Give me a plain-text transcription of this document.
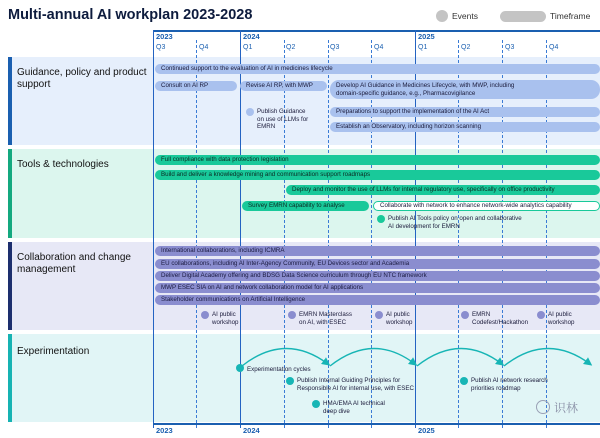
Multi-annual AI workplan 2023-2028	Events	Timeframe
2023	2024	2025
Q3	Q4	Q1	Q2	Q3	Q4	Q1	Q2	Q3	Q4
Guidance, policy and product support
Tools & technologies
Collaboration and change management
Experimentation
Continued support to the evaluation of AI in medicines lifecycle
Consult on AI RP	Revise AI RP, with MWP	Develop AI Guidance in Medicines Lifecycle, with MWP, including
domain-specific guidance, e.g., Pharmacovigilance
Preparations to support the implementation of the AI Act
Establish an Observatory, including horizon scanning
Publish Guidance
on use of LLMs for
EMRN
Full compliance with data protection legislation
Build and deliver a knowledge mining and communication support roadmaps
Deploy and monitor the use of LLMs for internal regulatory use, specifically on office productivity
Survey EMRN capability to analyse	Collaborate with network to enhance network-wide analytics capability
Publish AI Tools policy on open and collaborative
AI development for EMRN
International collaborations, including ICMRA
EU collaborations, including AI Inter-Agency Community, EU Devices sector and Academia
Deliver Digital Academy offering and BDSG Data Science curriculum through EU NTC framework
MWP ESEC SIA on AI and network collaboration model for AI applications
Stakeholder communications on Artificial Intelligence
AI public
workshop
EMRN Masterclass
on AI, with ESEC
AI public
workshop
EMRN
Codefest/Hackathon
AI public
workshop
Experimentation cycles
Publish Internal Guiding Principles for
Responsible AI for internal use, with ESEC
HMA/EMA AI technical
deep dive
Publish AI network research
priorities roadmap
识林
2023	2024	2025
